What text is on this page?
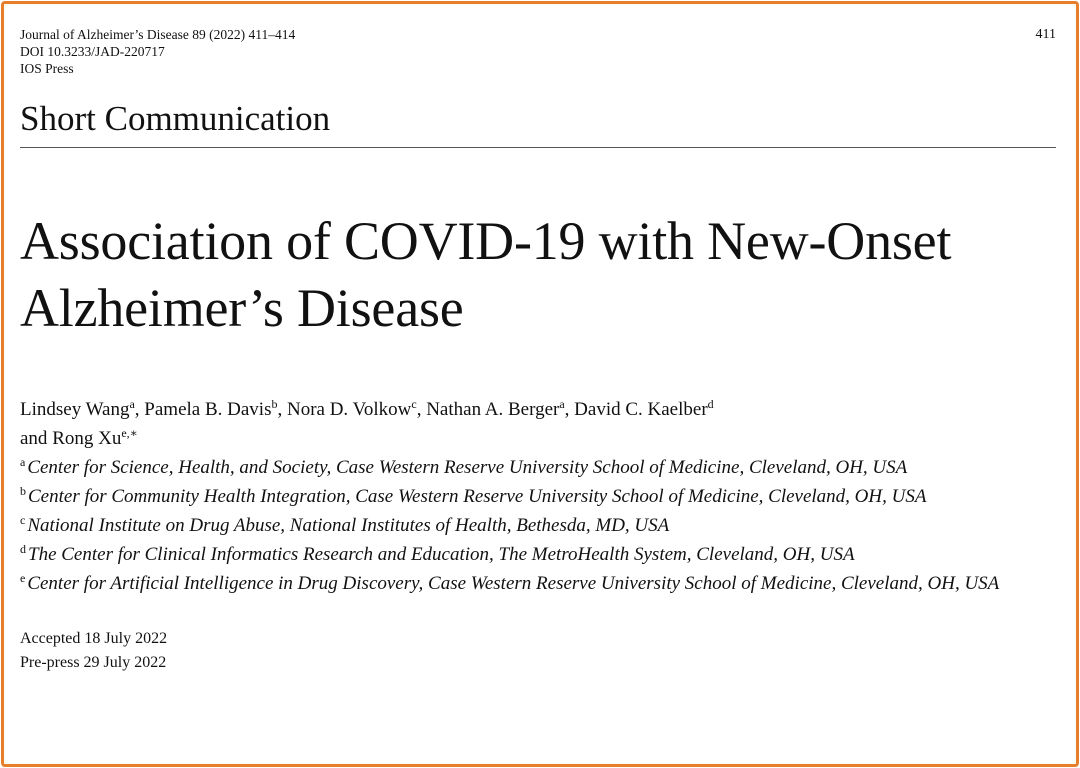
Journal of Alzheimer’s Disease 89 (2022) 411–414
DOI 10.3233/JAD-220717
IOS Press
411
Short Communication
Association of COVID-19 with New-Onset
Alzheimer’s Disease
Lindsey Wang$^a$, Pamela B. Davis$^b$, Nora D. Volkow$^c$, Nathan A. Berger$^a$, David C. Kaelber$^d$
and Rong $Xu^{e,∗}$
$^a$ Center for Science, Health, and Society, Case Western Reserve University School of Medicine, Cleveland, OH, USA
$^b$ Center for Community Health Integration, Case Western Reserve University School of Medicine, Cleveland, OH, USA
$^c$ National Institute on Drug Abuse, National Institutes of Health, Bethesda, MD, USA
$^d$ The Center for Clinical Informatics Research and Education, The MetroHealth System, Cleveland, OH, USA
$^e$ Center for Artificial Intelligence in Drug Discovery, Case Western Reserve University School of Medicine, Cleveland, OH, USA
Accepted 18 July 2022
Pre-press 29 July 2022
